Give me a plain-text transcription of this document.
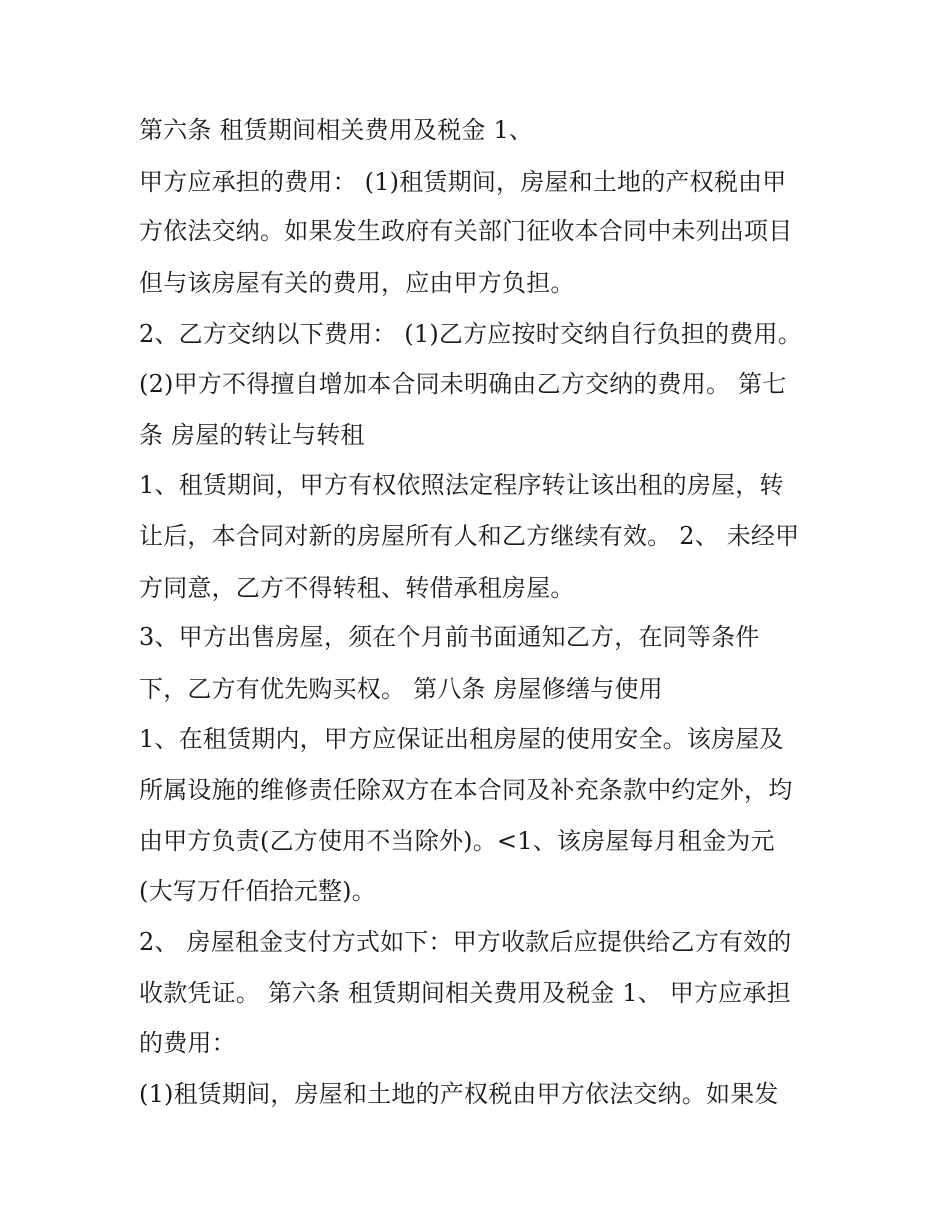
第六条 租赁期间相关费用及税金 1、
甲方应承担的费用： (1)租赁期间，房屋和土地的产权税由甲
方依法交纳。如果发生政府有关部门征收本合同中未列出项目
但与该房屋有关的费用，应由甲方负担。
2、乙方交纳以下费用： (1)乙方应按时交纳自行负担的费用。
(2)甲方不得擅自增加本合同未明确由乙方交纳的费用。 第七
条 房屋的转让与转租
1、租赁期间，甲方有权依照法定程序转让该出租的房屋，转
让后，本合同对新的房屋所有人和乙方继续有效。 2、 未经甲
方同意，乙方不得转租、转借承租房屋。
3、甲方出售房屋，须在个月前书面通知乙方，在同等条件
下，乙方有优先购买权。 第八条 房屋修缮与使用
1、在租赁期内，甲方应保证出租房屋的使用安全。该房屋及
所属设施的维修责任除双方在本合同及补充条款中约定外，均
由甲方负责(乙方使用不当除外)。<1、该房屋每月租金为元
(大写万仟佰拾元整)。
2、 房屋租金支付方式如下：甲方收款后应提供给乙方有效的
收款凭证。 第六条 租赁期间相关费用及税金 1、 甲方应承担
的费用：
(1)租赁期间，房屋和土地的产权税由甲方依法交纳。如果发
